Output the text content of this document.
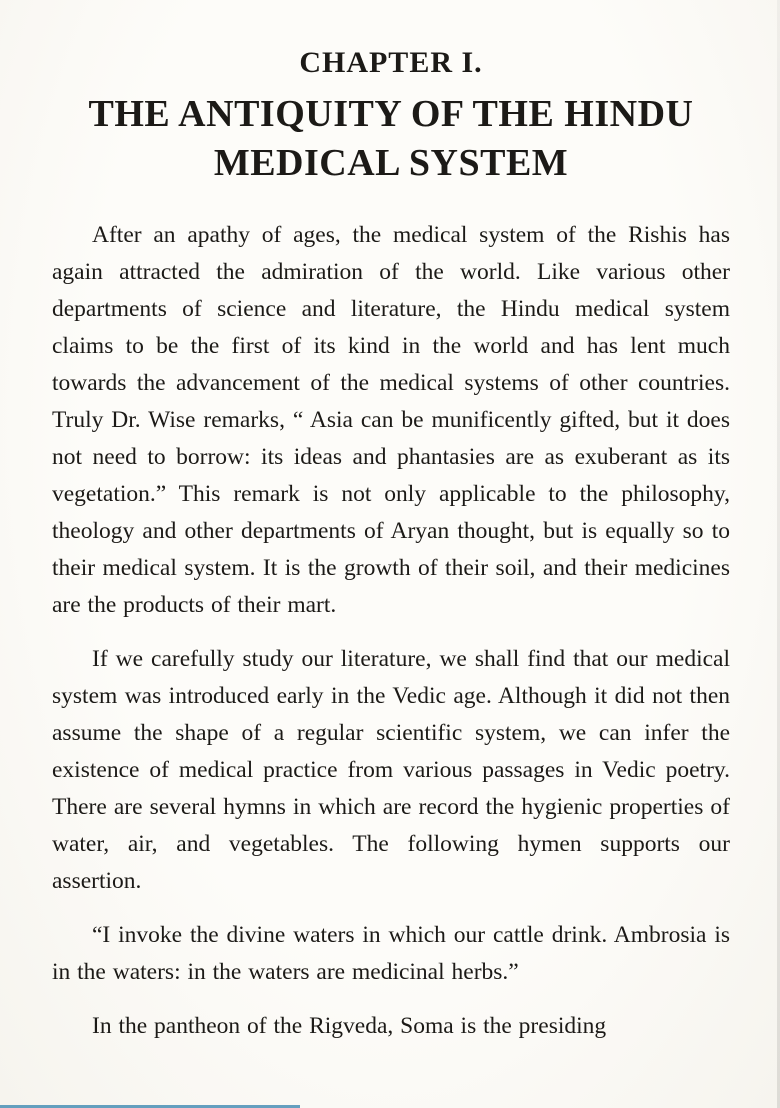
CHAPTER I.
THE ANTIQUITY OF THE HINDU
MEDICAL SYSTEM

After an apathy of ages, the medical system of the Rishis has again attracted the admiration of the world. Like various other departments of science and literature, the Hindu medical system claims to be the first of its kind in the world and has lent much towards the advancement of the medical systems of other countries. Truly Dr. Wise remarks, “ Asia can be munificently gifted, but it does not need to borrow: its ideas and phantasies are as exuberant as its vegetation.” This remark is not only applicable to the philosophy, theology and other departments of Aryan thought, but is equally so to their medical system. It is the growth of their soil, and their medicines are the products of their mart.

If we carefully study our literature, we shall find that our medical system was introduced early in the Vedic age. Although it did not then assume the shape of a regular scientific system, we can infer the existence of medical practice from various passages in Vedic poetry. There are several hymns in which are record the hygienic properties of water, air, and vegetables. The following hymen supports our assertion.

“I invoke the divine waters in which our cattle drink. Ambrosia is in the waters: in the waters are medicinal herbs.”

In the pantheon of the Rigveda, Soma is the presiding
